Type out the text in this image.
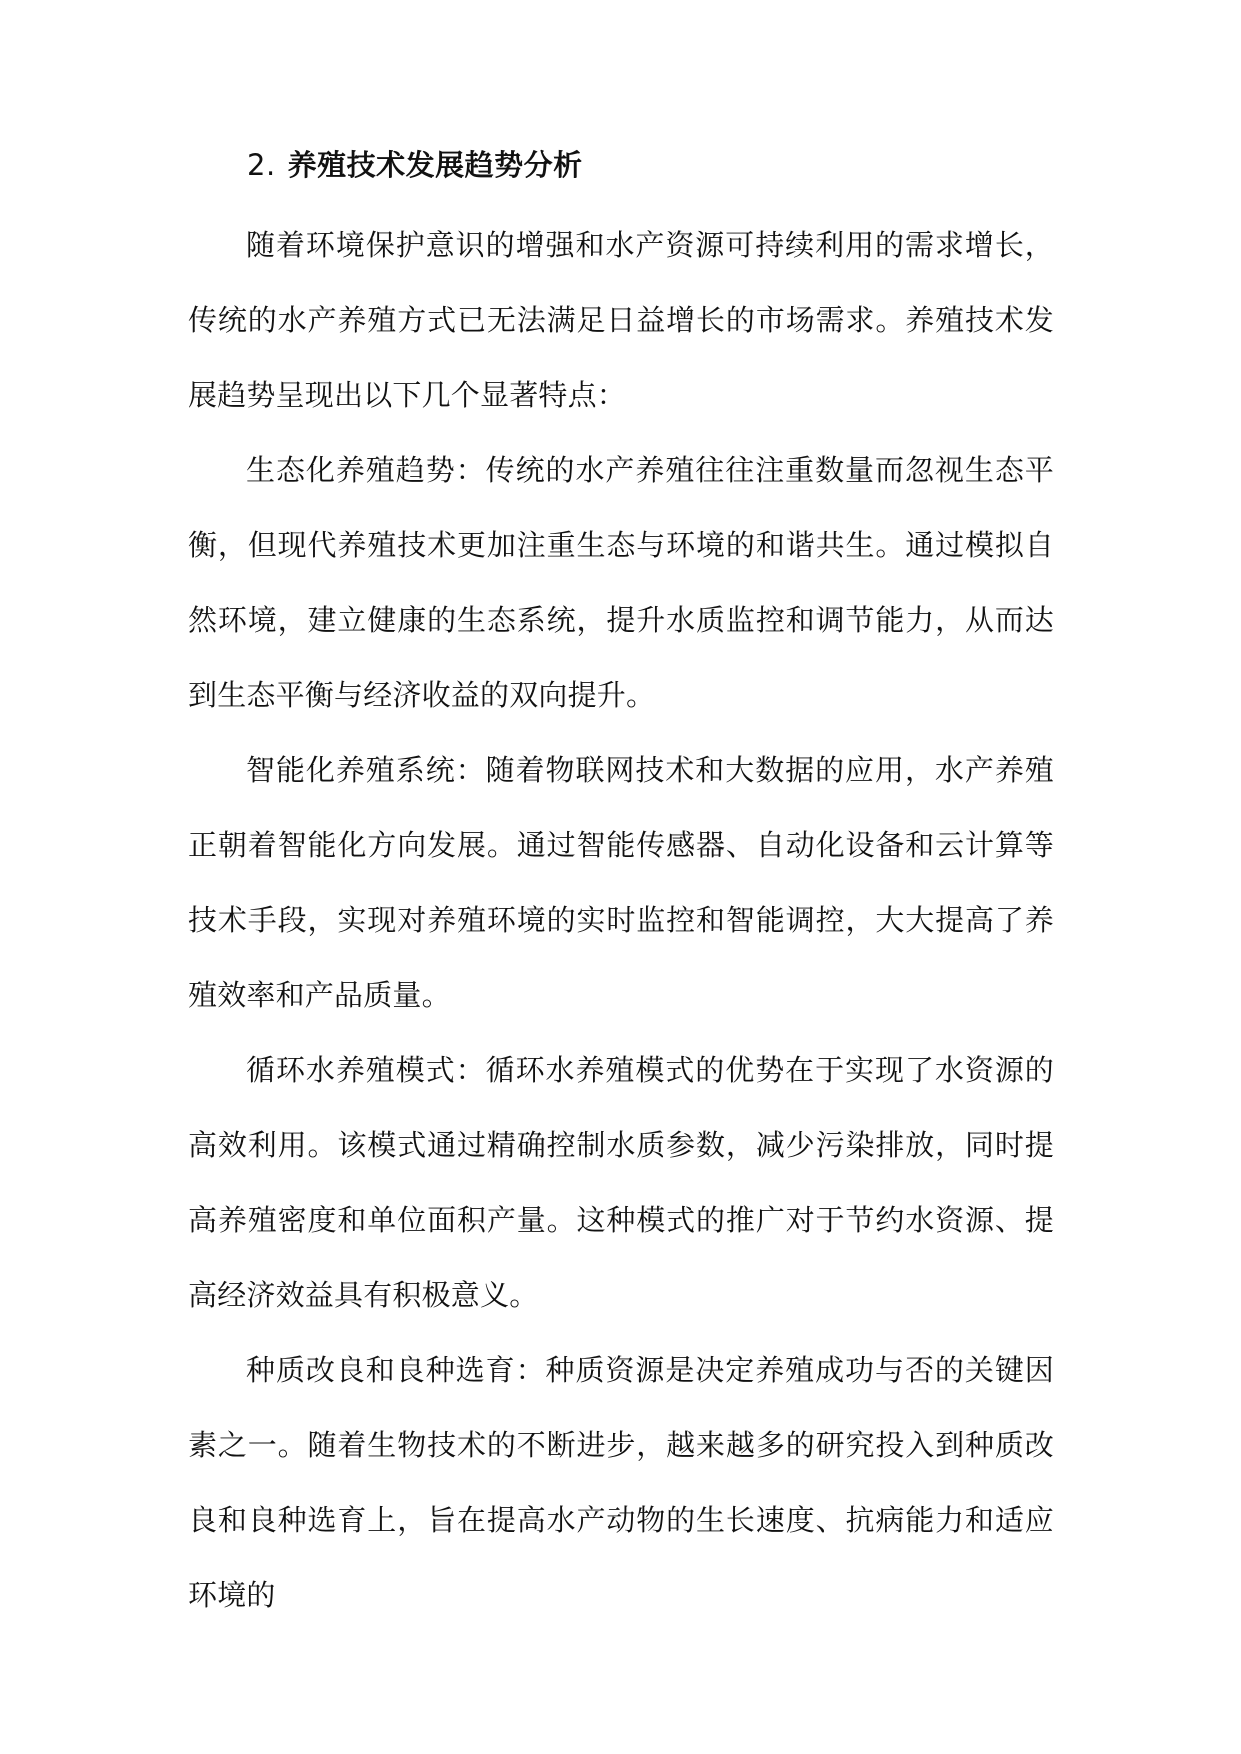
2. 养殖技术发展趋势分析

随着环境保护意识的增强和水产资源可持续利用的需求增长，传统的水产养殖方式已无法满足日益增长的市场需求。养殖技术发展趋势呈现出以下几个显著特点：

生态化养殖趋势：传统的水产养殖往往注重数量而忽视生态平衡，但现代养殖技术更加注重生态与环境的和谐共生。通过模拟自然环境，建立健康的生态系统，提升水质监控和调节能力，从而达到生态平衡与经济收益的双向提升。

智能化养殖系统：随着物联网技术和大数据的应用，水产养殖正朝着智能化方向发展。通过智能传感器、自动化设备和云计算等技术手段，实现对养殖环境的实时监控和智能调控，大大提高了养殖效率和产品质量。

循环水养殖模式：循环水养殖模式的优势在于实现了水资源的高效利用。该模式通过精确控制水质参数，减少污染排放，同时提高养殖密度和单位面积产量。这种模式的推广对于节约水资源、提高经济效益具有积极意义。

种质改良和良种选育：种质资源是决定养殖成功与否的关键因素之一。随着生物技术的不断进步，越来越多的研究投入到种质改良和良种选育上，旨在提高水产动物的生长速度、抗病能力和适应环境的
